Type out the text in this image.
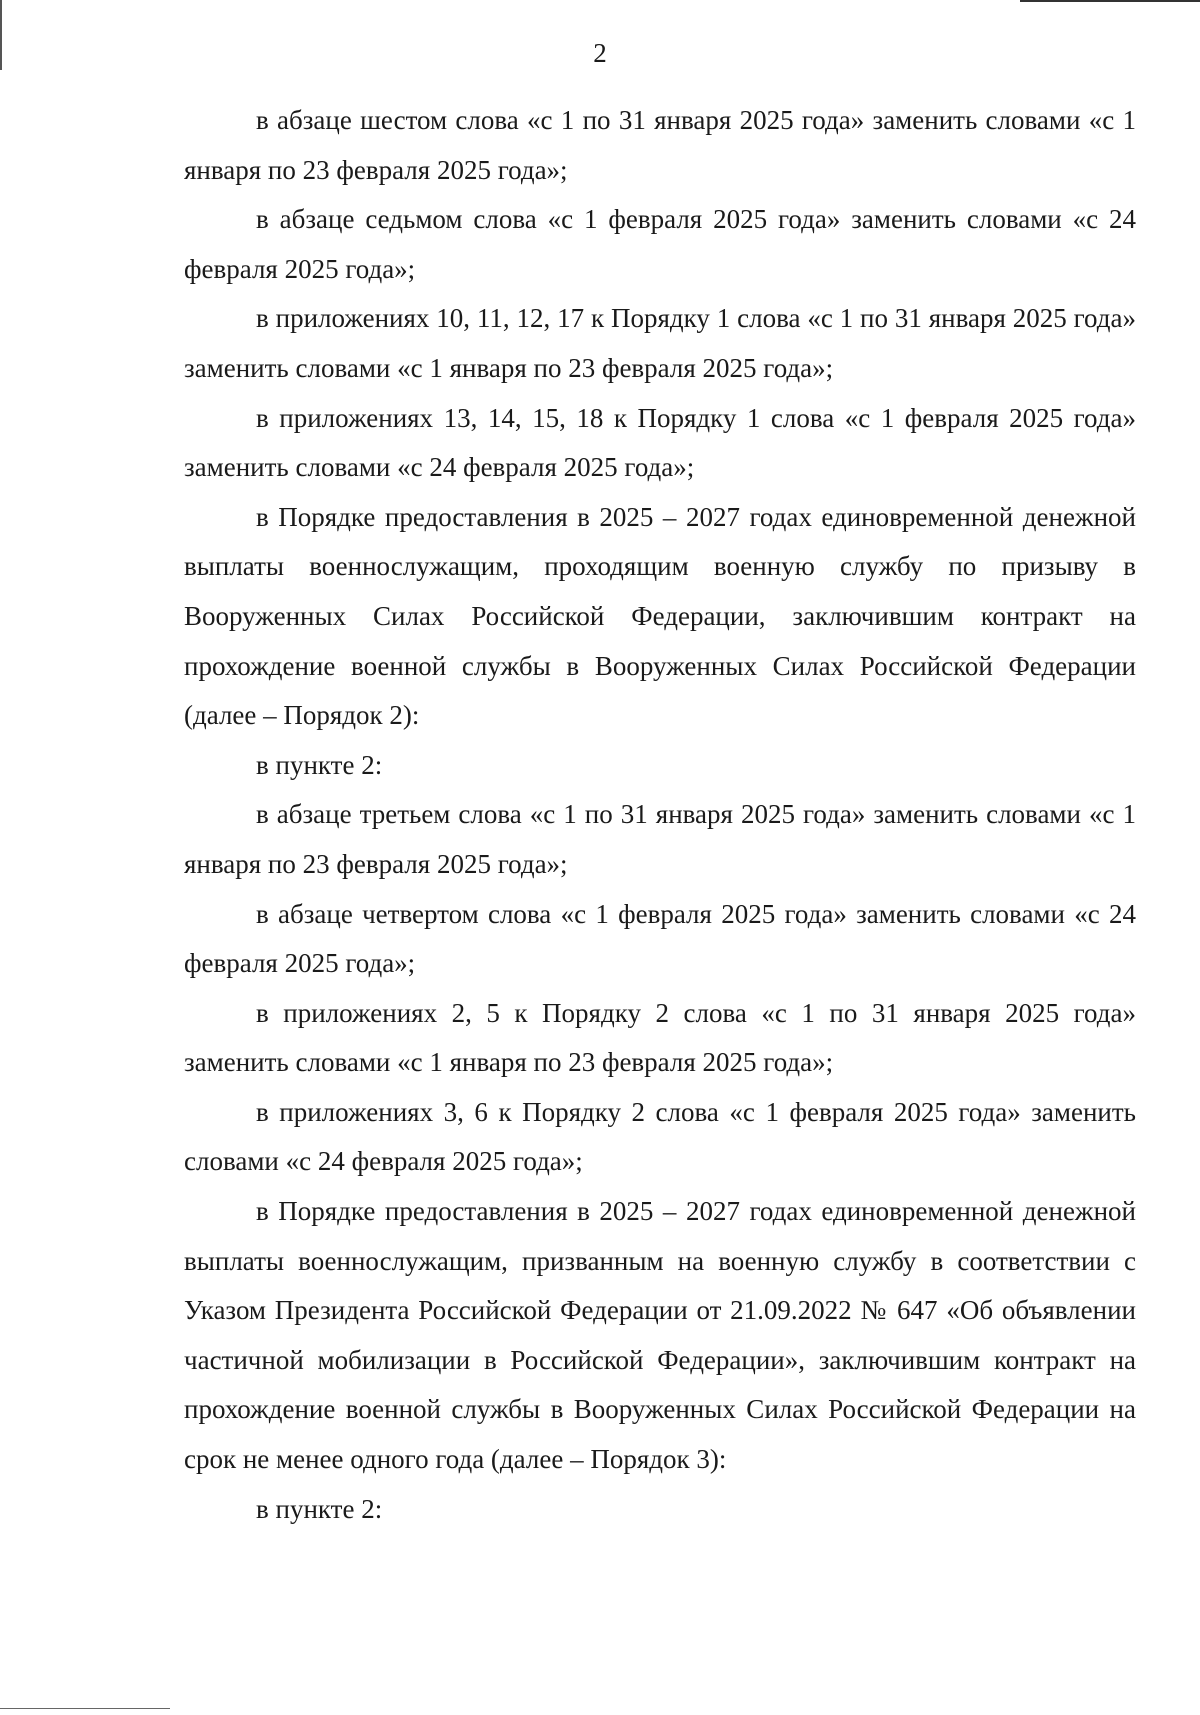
2

в абзаце шестом слова «с 1 по 31 января 2025 года» заменить словами «с 1 января по 23 февраля 2025 года»;

в абзаце седьмом слова «с 1 февраля 2025 года» заменить словами «с 24 февраля 2025 года»;

в приложениях 10, 11, 12, 17 к Порядку 1 слова «с 1 по 31 января 2025 года» заменить словами «с 1 января по 23 февраля 2025 года»;

в приложениях 13, 14, 15, 18 к Порядку 1 слова «с 1 февраля 2025 года» заменить словами «с 24 февраля 2025 года»;

в Порядке предоставления в 2025 – 2027 годах единовременной денежной выплаты военнослужащим, проходящим военную службу по призыву в Вооруженных Силах Российской Федерации, заключившим контракт на прохождение военной службы в Вооруженных Силах Российской Федерации (далее – Порядок 2):

в пункте 2:

в абзаце третьем слова «с 1 по 31 января 2025 года» заменить словами «с 1 января по 23 февраля 2025 года»;

в абзаце четвертом слова «с 1 февраля 2025 года» заменить словами «с 24 февраля 2025 года»;

в приложениях 2, 5 к Порядку 2 слова «с 1 по 31 января 2025 года» заменить словами «с 1 января по 23 февраля 2025 года»;

в приложениях 3, 6 к Порядку 2 слова «с 1 февраля 2025 года» заменить словами «с 24 февраля 2025 года»;

в Порядке предоставления в 2025 – 2027 годах единовременной денежной выплаты военнослужащим, призванным на военную службу в соответствии с Указом Президента Российской Федерации от 21.09.2022 № 647 «Об объявлении частичной мобилизации в Российской Федерации», заключившим контракт на прохождение военной службы в Вооруженных Силах Российской Федерации на срок не менее одного года (далее – Порядок 3):

в пункте 2:
